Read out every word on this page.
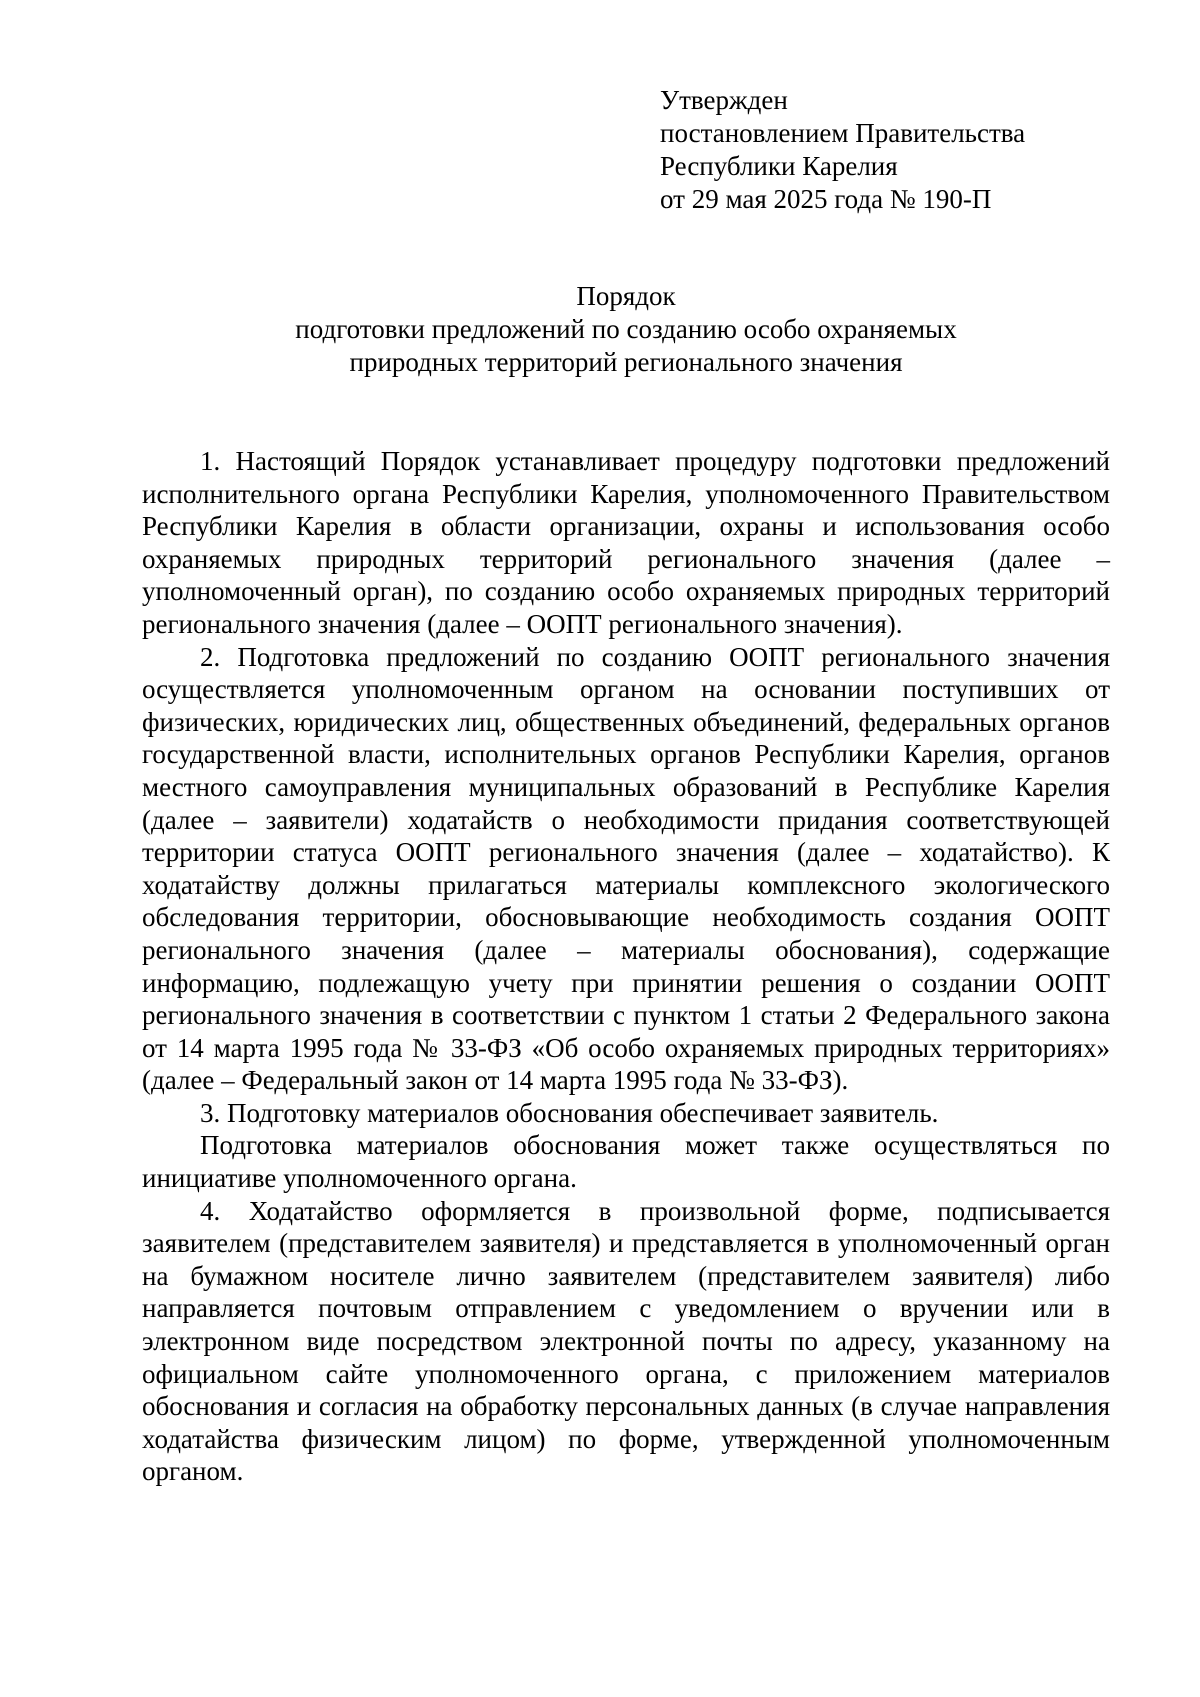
Утвержден
постановлением Правительства
Республики Карелия
от 29 мая 2025 года № 190-П
Порядок
подготовки предложений по созданию особо охраняемых
природных территорий регионального значения

1. Настоящий Порядок устанавливает процедуру подготовки предложений исполнительного органа Республики Карелия, уполномоченного Правительством Республики Карелия в области организации, охраны и использования особо охраняемых природных территорий регионального значения (далее – уполномоченный орган), по созданию особо охраняемых природных территорий регионального значения (далее – ООПТ регионального значения).

2. Подготовка предложений по созданию ООПТ регионального значения осуществляется уполномоченным органом на основании поступивших от физических, юридических лиц, общественных объединений, федеральных органов государственной власти, исполнительных органов Республики Карелия, органов местного самоуправления муниципальных образований в Республике Карелия (далее – заявители) ходатайств о необходимости придания соответствующей территории статуса ООПТ регионального значения (далее – ходатайство). К ходатайству должны прилагаться материалы комплексного экологического обследования территории, обосновывающие необходимость создания ООПТ регионального значения (далее – материалы обоснования), содержащие информацию, подлежащую учету при принятии решения о создании ООПТ регионального значения в соответствии с пунктом 1 статьи 2 Федерального закона от 14 марта 1995 года № 33-ФЗ «Об особо охраняемых природных территориях» (далее – Федеральный закон от 14 марта 1995 года № 33-ФЗ).

3. Подготовку материалов обоснования обеспечивает заявитель.

Подготовка материалов обоснования может также осуществляться по инициативе уполномоченного органа.

4. Ходатайство оформляется в произвольной форме, подписывается заявителем (представителем заявителя) и представляется в уполномоченный орган на бумажном носителе лично заявителем (представителем заявителя) либо направляется почтовым отправлением с уведомлением о вручении или в электронном виде посредством электронной почты по адресу, указанному на официальном сайте уполномоченного органа, с приложением материалов обоснования и согласия на обработку персональных данных (в случае направления ходатайства физическим лицом) по форме, утвержденной уполномоченным органом.
